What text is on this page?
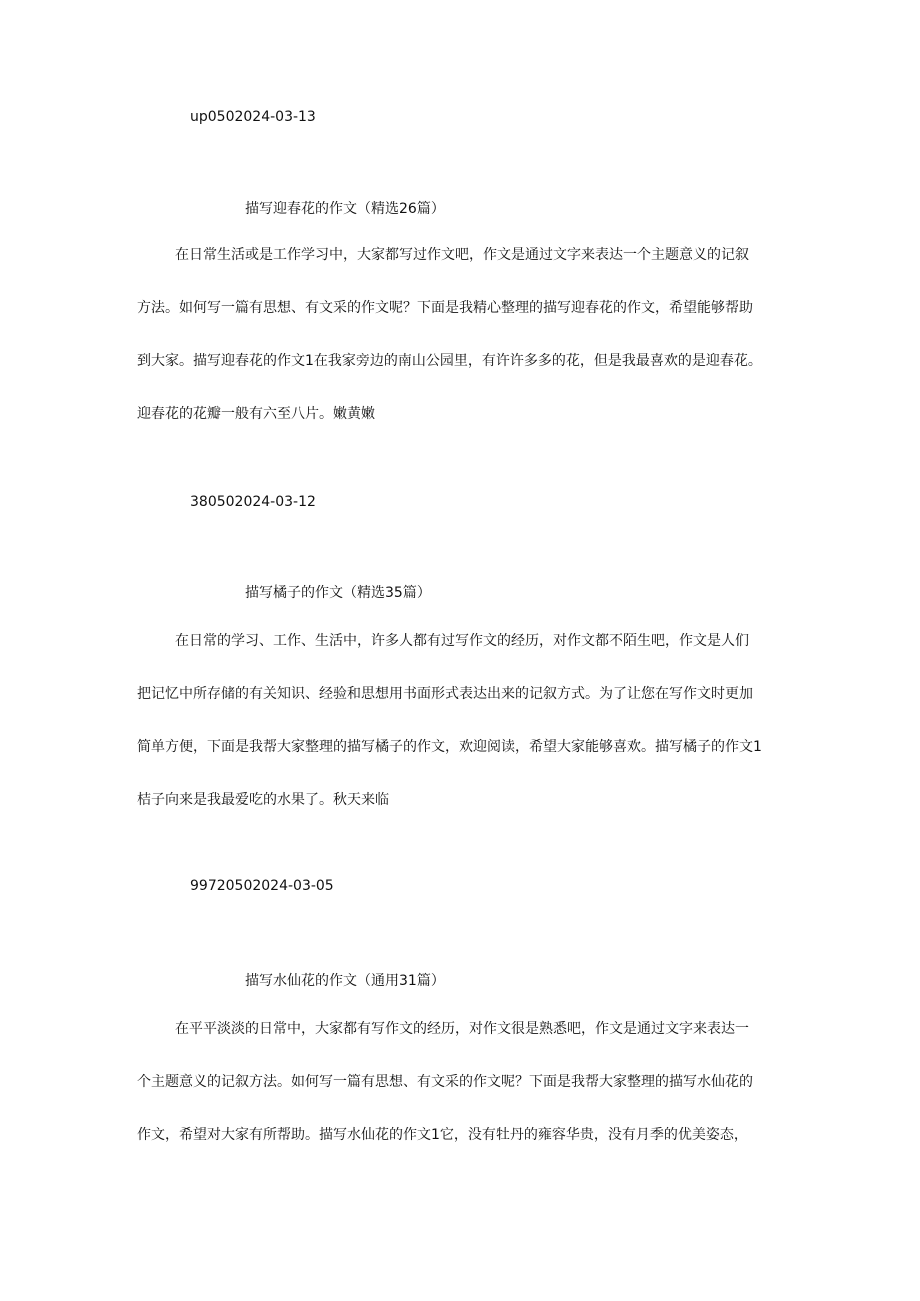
up0502024-03-13
描写迎春花的作文（精选26篇）
在日常生活或是工作学习中，大家都写过作文吧，作文是通过文字来表达一个主题意义的记叙
方法。如何写一篇有思想、有文采的作文呢？下面是我精心整理的描写迎春花的作文，希望能够帮助
到大家。描写迎春花的作文1在我家旁边的南山公园里，有许许多多的花，但是我最喜欢的是迎春花。
迎春花的花瓣一般有六至八片。嫩黄嫩
380502024-03-12
描写橘子的作文（精选35篇）
在日常的学习、工作、生活中，许多人都有过写作文的经历，对作文都不陌生吧，作文是人们
把记忆中所存储的有关知识、经验和思想用书面形式表达出来的记叙方式。为了让您在写作文时更加
简单方便，下面是我帮大家整理的描写橘子的作文，欢迎阅读，希望大家能够喜欢。描写橘子的作文1
桔子向来是我最爱吃的水果了。秋天来临
99720502024-03-05
描写水仙花的作文（通用31篇）
在平平淡淡的日常中，大家都有写作文的经历，对作文很是熟悉吧，作文是通过文字来表达一
个主题意义的记叙方法。如何写一篇有思想、有文采的作文呢？下面是我帮大家整理的描写水仙花的
作文，希望对大家有所帮助。描写水仙花的作文1它，没有牡丹的雍容华贵，没有月季的优美姿态，
